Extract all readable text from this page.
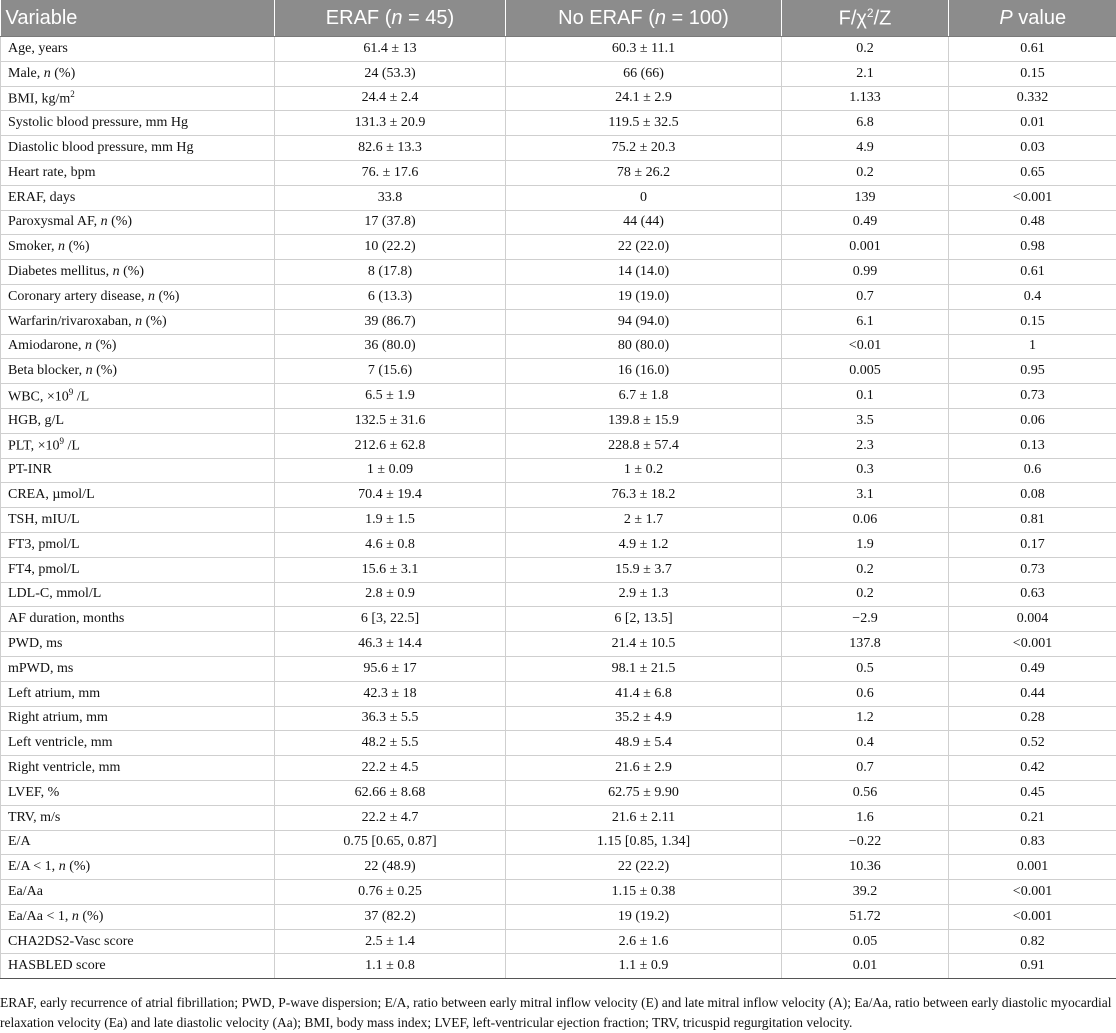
Variable	ERAF (n = 45)	No ERAF (n = 100)	$F/\chi^2/Z$	P value
Age, years	61.4 ± 13	60.3 ± 11.1	0.2	0.61
Male, n (%)	24 (53.3)	66 (66)	2.1	0.15
BMI, $kg/m^2$	24.4 ± 2.4	24.1 ± 2.9	1.133	0.332
Systolic blood pressure, mm Hg	131.3 ± 20.9	119.5 ± 32.5	6.8	0.01
Diastolic blood pressure, mm Hg	82.6 ± 13.3	75.2 ± 20.3	4.9	0.03
Heart rate, bpm	76. ± 17.6	78 ± 26.2	0.2	0.65
ERAF, days	33.8	0	139	<0.001
Paroxysmal AF, n (%)	17 (37.8)	44 (44)	0.49	0.48
Smoker, n (%)	10 (22.2)	22 (22.0)	0.001	0.98
Diabetes mellitus, n (%)	8 (17.8)	14 (14.0)	0.99	0.61
Coronary artery disease, n (%)	6 (13.3)	19 (19.0)	0.7	0.4
Warfarin/rivaroxaban, n (%)	39 (86.7)	94 (94.0)	6.1	0.15
Amiodarone, n (%)	36 (80.0)	80 (80.0)	<0.01	1
Beta blocker, n (%)	7 (15.6)	16 (16.0)	0.005	0.95
WBC, $\times 10^9$ /L	6.5 ± 1.9	6.7 ± 1.8	0.1	0.73
HGB, g/L	132.5 ± 31.6	139.8 ± 15.9	3.5	0.06
PLT, $\times 10^9$ /L	212.6 ± 62.8	228.8 ± 57.4	2.3	0.13
PT-INR	1 ± 0.09	1 ± 0.2	0.3	0.6
CREA, µmol/L	70.4 ± 19.4	76.3 ± 18.2	3.1	0.08
TSH, mIU/L	1.9 ± 1.5	2 ± 1.7	0.06	0.81
FT3, pmol/L	4.6 ± 0.8	4.9 ± 1.2	1.9	0.17
FT4, pmol/L	15.6 ± 3.1	15.9 ± 3.7	0.2	0.73
LDL-C, mmol/L	2.8 ± 0.9	2.9 ± 1.3	0.2	0.63
AF duration, months	6 [3, 22.5]	6 [2, 13.5]	−2.9	0.004
PWD, ms	46.3 ± 14.4	21.4 ± 10.5	137.8	<0.001
mPWD, ms	95.6 ± 17	98.1 ± 21.5	0.5	0.49
Left atrium, mm	42.3 ± 18	41.4 ± 6.8	0.6	0.44
Right atrium, mm	36.3 ± 5.5	35.2 ± 4.9	1.2	0.28
Left ventricle, mm	48.2 ± 5.5	48.9 ± 5.4	0.4	0.52
Right ventricle, mm	22.2 ± 4.5	21.6 ± 2.9	0.7	0.42
LVEF, %	62.66 ± 8.68	62.75 ± 9.90	0.56	0.45
TRV, m/s	22.2 ± 4.7	21.6 ± 2.11	1.6	0.21
E/A	0.75 [0.65, 0.87]	1.15 [0.85, 1.34]	−0.22	0.83
E/A < 1, n (%)	22 (48.9)	22 (22.2)	10.36	0.001
Ea/Aa	0.76 ± 0.25	1.15 ± 0.38	39.2	<0.001
Ea/Aa < 1, n (%)	37 (82.2)	19 (19.2)	51.72	<0.001
CHA2DS2-Vasc score	2.5 ± 1.4	2.6 ± 1.6	0.05	0.82
HASBLED score	1.1 ± 0.8	1.1 ± 0.9	0.01	0.91
ERAF, early recurrence of atrial fibrillation; PWD, P-wave dispersion; E/A, ratio between early mitral inflow velocity (E) and late mitral inflow velocity (A); Ea/Aa, ratio between early diastolic myocardial relaxation velocity (Ea) and late diastolic velocity (Aa); BMI, body mass index; LVEF, left-ventricular ejection fraction; TRV, tricuspid regurgitation velocity.
